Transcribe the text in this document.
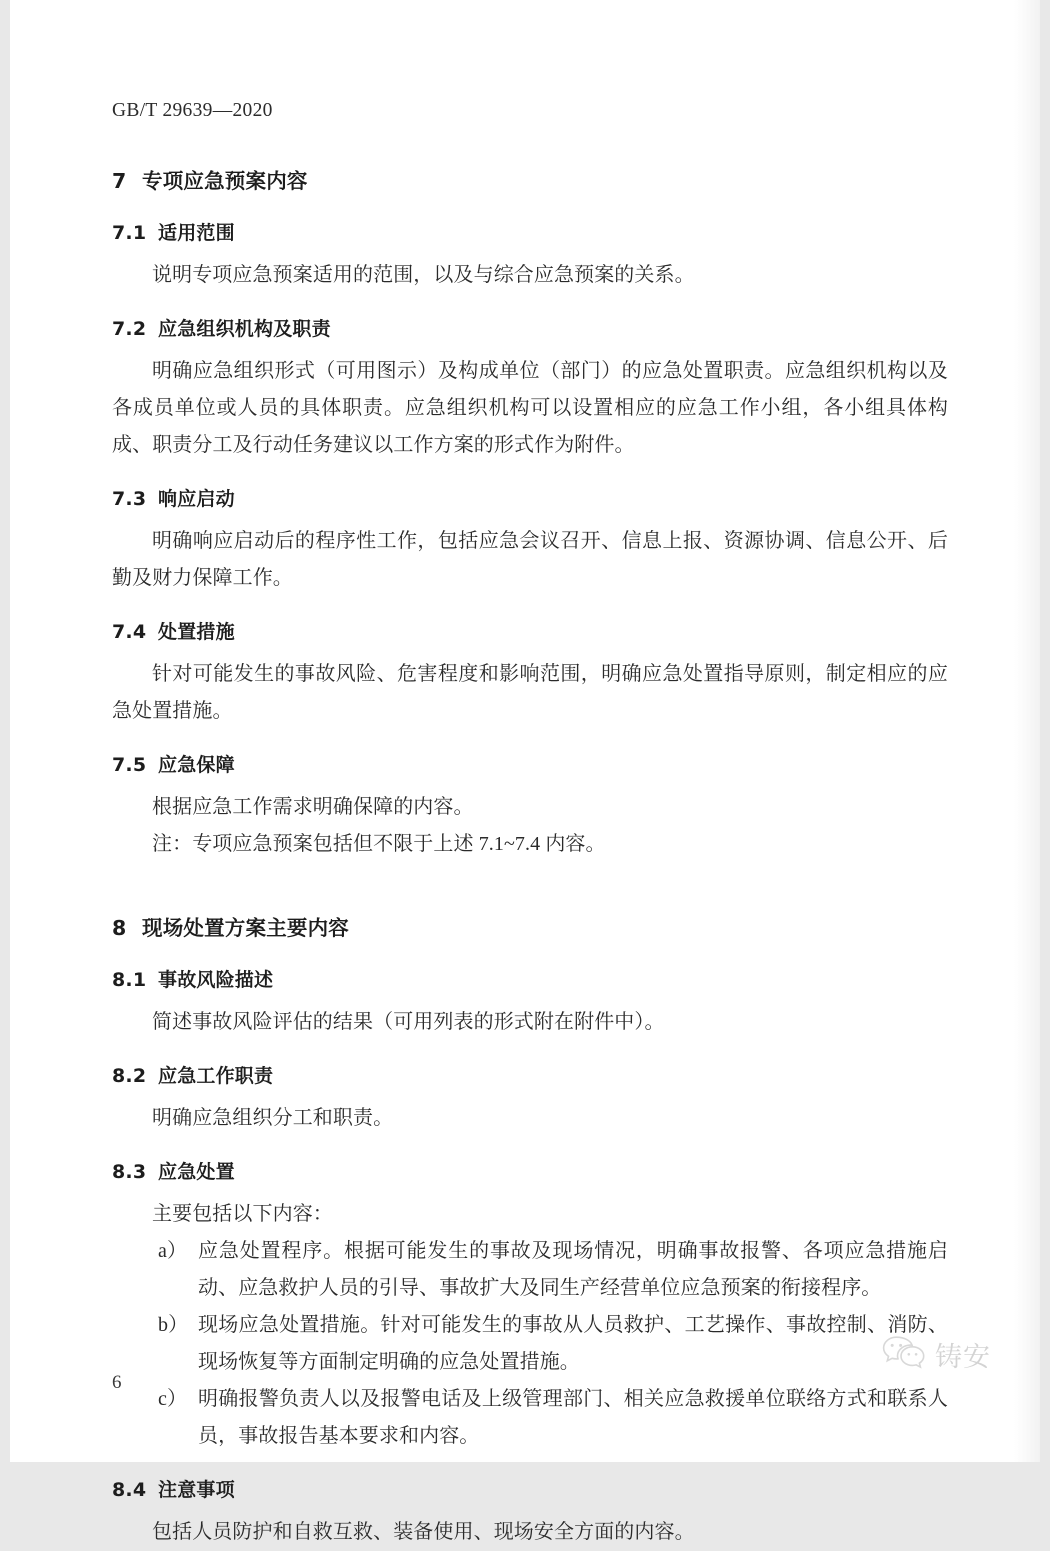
GB/T 29639—2020
7 专项应急预案内容
7.1 适用范围

说明专项应急预案适用的范围，以及与综合应急预案的关系。

7.2 应急组织机构及职责

明确应急组织形式（可用图示）及构成单位（部门）的应急处置职责。应急组织机构以及各成员单位或人员的具体职责。应急组织机构可以设置相应的应急工作小组，各小组具体构成、职责分工及行动任务建议以工作方案的形式作为附件。

7.3 响应启动

明确响应启动后的程序性工作，包括应急会议召开、信息上报、资源协调、信息公开、后勤及财力保障工作。

7.4 处置措施

针对可能发生的事故风险、危害程度和影响范围，明确应急处置指导原则，制定相应的应急处置措施。

7.5 应急保障

根据应急工作需求明确保障的内容。

注：专项应急预案包括但不限于上述 7.1~7.4 内容。

8 现场处置方案主要内容
8.1 事故风险描述

简述事故风险评估的结果（可用列表的形式附在附件中）。

8.2 应急工作职责

明确应急组织分工和职责。

8.3 应急处置

主要包括以下内容：

a） 应急处置程序。根据可能发生的事故及现场情况，明确事故报警、各项应急措施启动、应急救护人员的引导、事故扩大及同生产经营单位应急预案的衔接程序。
b） 现场应急处置措施。针对可能发生的事故从人员救护、工艺操作、事故控制、消防、现场恢复等方面制定明确的应急处置措施。
c） 明确报警负责人以及报警电话及上级管理部门、相关应急救援单位联络方式和联系人员，事故报告基本要求和内容。
8.4 注意事项

包括人员防护和自救互救、装备使用、现场安全方面的内容。

6
铸安
